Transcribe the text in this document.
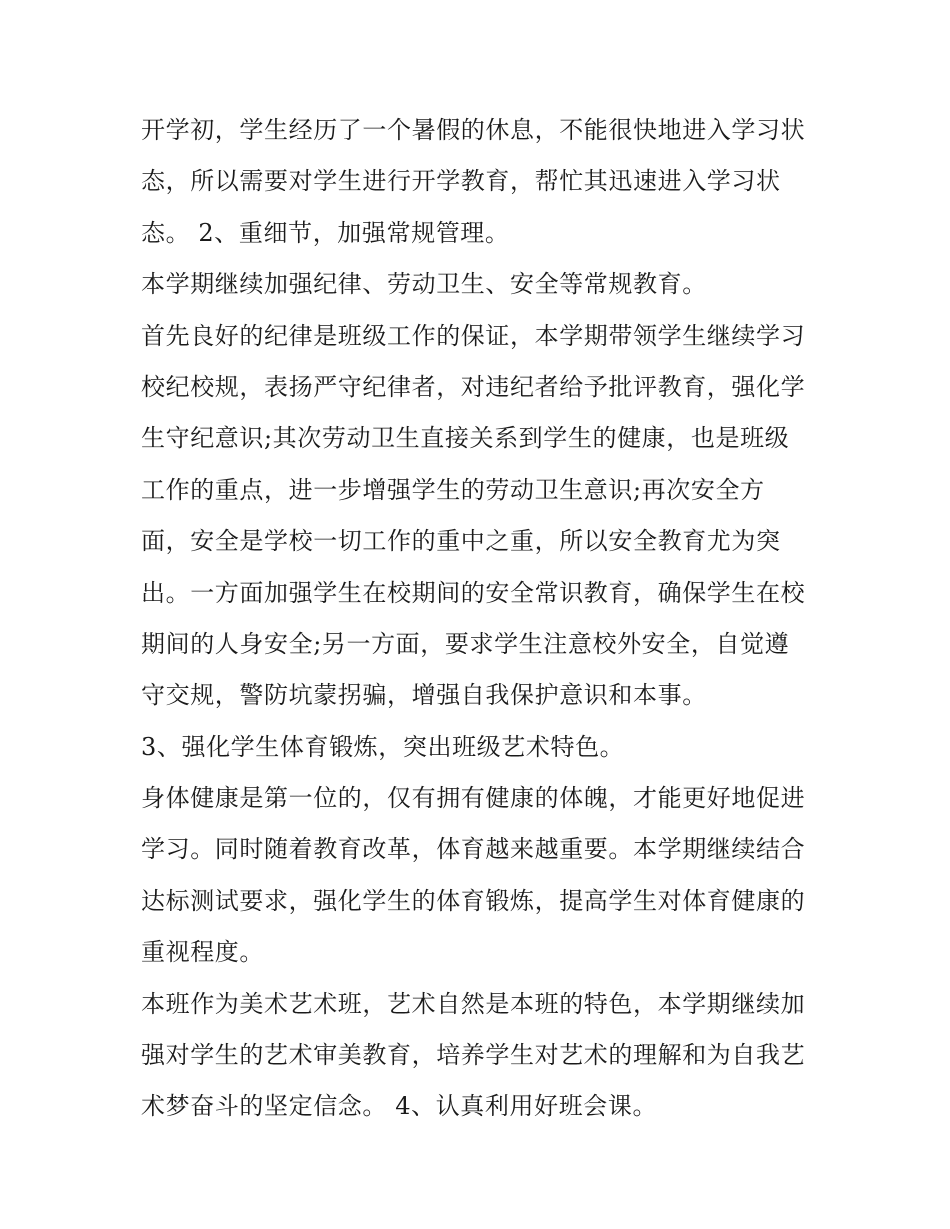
开学初，学生经历了一个暑假的休息，不能很快地进入学习状
态，所以需要对学生进行开学教育，帮忙其迅速进入学习状
态。 2、重细节，加强常规管理。
本学期继续加强纪律、劳动卫生、安全等常规教育。
首先良好的纪律是班级工作的保证，本学期带领学生继续学习
校纪校规，表扬严守纪律者，对违纪者给予批评教育，强化学
生守纪意识;其次劳动卫生直接关系到学生的健康，也是班级
工作的重点，进一步增强学生的劳动卫生意识;再次安全方
面，安全是学校一切工作的重中之重，所以安全教育尤为突
出。一方面加强学生在校期间的安全常识教育，确保学生在校
期间的人身安全;另一方面，要求学生注意校外安全，自觉遵
守交规，警防坑蒙拐骗，增强自我保护意识和本事。
3、强化学生体育锻炼，突出班级艺术特色。
身体健康是第一位的，仅有拥有健康的体魄，才能更好地促进
学习。同时随着教育改革，体育越来越重要。本学期继续结合
达标测试要求，强化学生的体育锻炼，提高学生对体育健康的
重视程度。
本班作为美术艺术班，艺术自然是本班的特色，本学期继续加
强对学生的艺术审美教育，培养学生对艺术的理解和为自我艺
术梦奋斗的坚定信念。 4、认真利用好班会课。
